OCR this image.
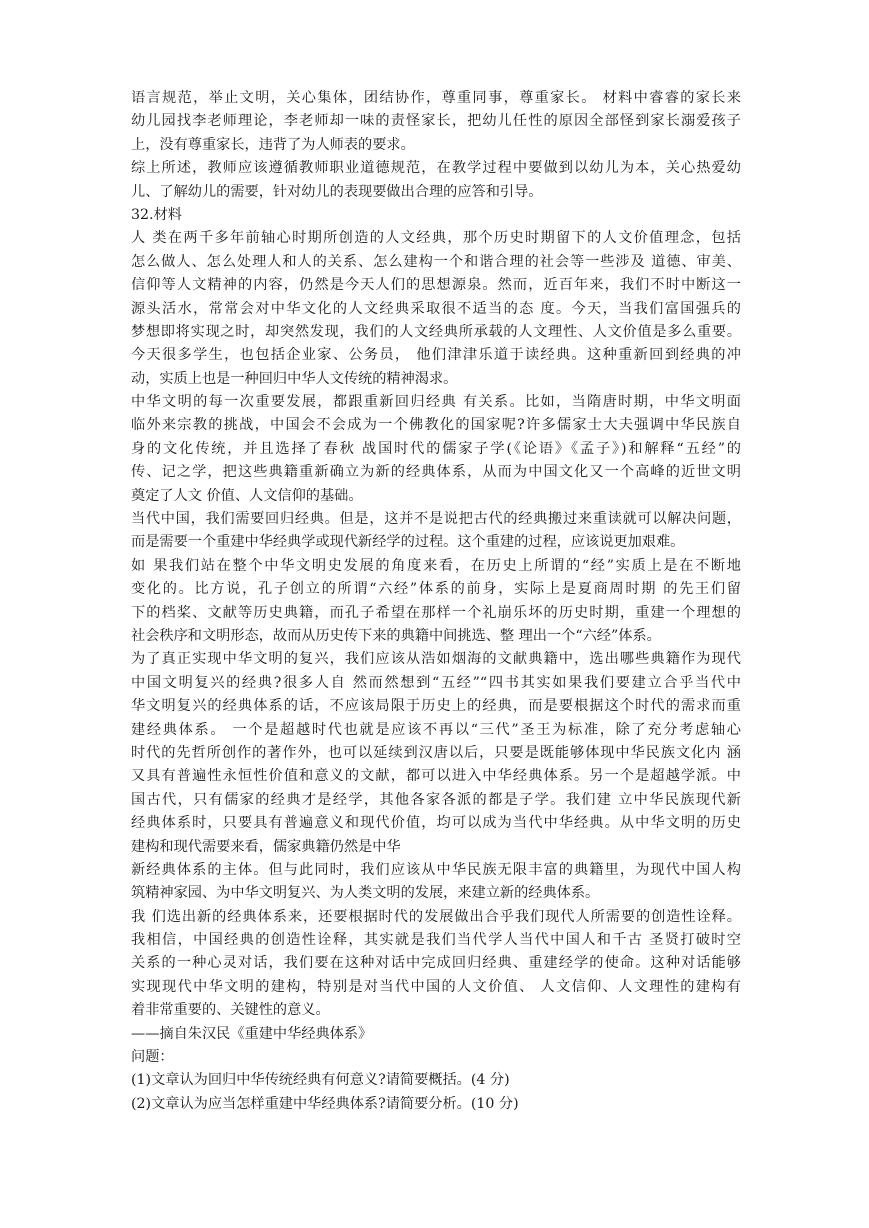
语言规范，举止文明，关心集体，团结协作，尊重同事，尊重家长。 材料中睿睿的家长来
幼儿园找李老师理论，李老师却一味的责怪家长，把幼儿任性的原因全部怪到家长溺爱孩子
上，没有尊重家长，违背了为人师表的要求。
综上所述，教师应该遵循教师职业道德规范，在教学过程中要做到以幼儿为本，关心热爱幼
儿、了解幼儿的需要，针对幼儿的表现要做出合理的应答和引导。
32.材料
人 类在两千多年前轴心时期所创造的人文经典，那个历史时期留下的人文价值理念，包括
怎么做人、怎么处理人和人的关系、怎么建构一个和谐合理的社会等一些涉及 道德、审美、
信仰等人文精神的内容，仍然是今天人们的思想源泉。然而，近百年来，我们不时中断这一
源头活水，常常会对中华文化的人文经典采取很不适当的态 度。今天，当我们富国强兵的
梦想即将实现之时，却突然发现，我们的人文经典所承载的人文理性、人文价值是多么重要。
今天很多学生，也包括企业家、公务员， 他们津津乐道于读经典。这种重新回到经典的冲
动，实质上也是一种回归中华人文传统的精神渴求。
中华文明的每一次重要发展，都跟重新回归经典 有关系。比如，当隋唐时期，中华文明面
临外来宗教的挑战，中国会不会成为一个佛教化的国家呢?许多儒家士大夫强调中华民族自
身的文化传统，并且选择了春秋 战国时代的儒家子学(《论语》《孟子》)和解释“五经”的
传、记之学，把这些典籍重新确立为新的经典体系，从而为中国文化又一个高峰的近世文明
奠定了人文 价值、人文信仰的基础。
当代中国，我们需要回归经典。但是，这并不是说把古代的经典搬过来重读就可以解决问题，
而是需要一个重建中华经典学或现代新经学的过程。这个重建的过程，应该说更加艰难。
如 果我们站在整个中华文明史发展的角度来看，在历史上所谓的“经”实质上是在不断地
变化的。比方说，孔子创立的所谓“六经”体系的前身，实际上是夏商周时期 的先王们留
下的档桨、文献等历史典籍，而孔子希望在那样一个礼崩乐坏的历史时期，重建一个理想的
社会秩序和文明形态，故而从历史传下来的典籍中间挑选、整 理出一个“六经”体系。
为了真正实现中华文明的复兴，我们应该从浩如烟海的文献典籍中，选出哪些典籍作为现代
中国文明复兴的经典?很多人自 然而然想到“五经”“四书其实如果我们要建立合乎当代中
华文明复兴的经典体系的话，不应该局限于历史上的经典，而是要根据这个时代的需求而重
建经典体系。 一个是超越时代也就是应该不再以“三代”圣王为标准，除了充分考虑轴心
时代的先哲所创作的著作外，也可以延续到汉唐以后，只要是既能够体现中华民族文化内 涵
又具有普遍性永恒性价值和意义的文献，都可以进入中华经典体系。另一个是超越学派。中
国古代，只有儒家的经典才是经学，其他各家各派的都是子学。我们建 立中华民族现代新
经典体系时，只要具有普遍意义和现代价值，均可以成为当代中华经典。从中华文明的历史
建构和现代需要来看，儒家典籍仍然是中华
新经典体系的主体。但与此同时，我们应该从中华民族无限丰富的典籍里，为现代中国人构
筑精神家园、为中华文明复兴、为人类文明的发展，来建立新的经典体系。
我 们选出新的经典体系来，还要根据时代的发展做出合乎我们现代人所需要的创造性诠释。
我相信，中国经典的创造性诠释，其实就是我们当代学人当代中国人和千古 圣贤打破时空
关系的一种心灵对话，我们要在这种对话中完成回归经典、重建经学的使命。这种对话能够
实现现代中华文明的建构，特别是对当代中国的人文价值、 人文信仰、人文理性的建构有
着非常重要的、关键性的意义。
——摘自朱汉民《重建中华经典体系》
问题：
(1)文章认为回归中华传统经典有何意义?请简要概括。(4 分)
(2)文章认为应当怎样重建中华经典体系?请简要分析。(10 分)
